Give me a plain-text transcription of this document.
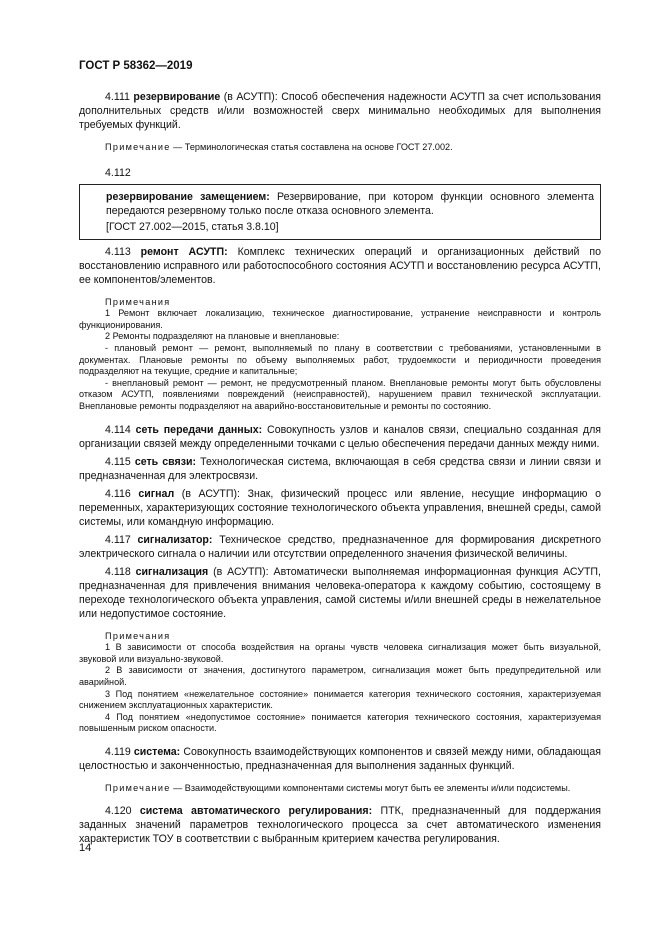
ГОСТ Р 58362—2019

4.111 резервирование (в АСУТП): Способ обеспечения надежности АСУТП за счет использования дополнительных средств и/или возможностей сверх минимально необходимых для выполнения требуемых функций.

Примечание — Терминологическая статья составлена на основе ГОСТ 27.002.

4.112

резервирование замещением: Резервирование, при котором функции основного элемента передаются резервному только после отказа основного элемента.

[ГОСТ 27.002—2015, статья 3.8.10]

4.113 ремонт АСУТП: Комплекс технических операций и организационных действий по восстановлению исправного или работоспособного состояния АСУТП и восстановлению ресурса АСУТП, ее компонентов/элементов.

Примечания
1 Ремонт включает локализацию, техническое диагностирование, устранение неисправности и контроль функционирования.
2 Ремонты подразделяют на плановые и внеплановые:
- плановый ремонт — ремонт, выполняемый по плану в соответствии с требованиями, установленными в документах. Плановые ремонты по объему выполняемых работ, трудоемкости и периодичности проведения подразделяют на текущие, средние и капитальные;
- внеплановый ремонт — ремонт, не предусмотренный планом. Внеплановые ремонты могут быть обусловлены отказом АСУТП, появлениями повреждений (неисправностей), нарушением правил технической эксплуатации. Внеплановые ремонты подразделяют на аварийно-восстановительные и ремонты по состоянию.

4.114 сеть передачи данных: Совокупность узлов и каналов связи, специально созданная для организации связей между определенными точками с целью обеспечения передачи данных между ними.

4.115 сеть связи: Технологическая система, включающая в себя средства связи и линии связи и предназначенная для электросвязи.

4.116 сигнал (в АСУТП): Знак, физический процесс или явление, несущие информацию о переменных, характеризующих состояние технологического объекта управления, внешней среды, самой системы, или командную информацию.

4.117 сигнализатор: Техническое средство, предназначенное для формирования дискретного электрического сигнала о наличии или отсутствии определенного значения физической величины.

4.118 сигнализация (в АСУТП): Автоматически выполняемая информационная функция АСУТП, предназначенная для привлечения внимания человека-оператора к каждому событию, состоящему в переходе технологического объекта управления, самой системы и/или внешней среды в нежелательное или недопустимое состояние.

Примечания
1 В зависимости от способа воздействия на органы чувств человека сигнализация может быть визуальной, звуковой или визуально-звуковой.
2 В зависимости от значения, достигнутого параметром, сигнализация может быть предупредительной или аварийной.
3 Под понятием «нежелательное состояние» понимается категория технического состояния, характеризуемая снижением эксплуатационных характеристик.
4 Под понятием «недопустимое состояние» понимается категория технического состояния, характеризуемая повышенным риском опасности.

4.119 система: Совокупность взаимодействующих компонентов и связей между ними, обладающая целостностью и законченностью, предназначенная для выполнения заданных функций.

Примечание — Взаимодействующими компонентами системы могут быть ее элементы и/или подсистемы.

4.120 система автоматического регулирования: ПТК, предназначенный для поддержания заданных значений параметров технологического процесса за счет автоматического изменения характеристик ТОУ в соответствии с выбранным критерием качества регулирования.

14
